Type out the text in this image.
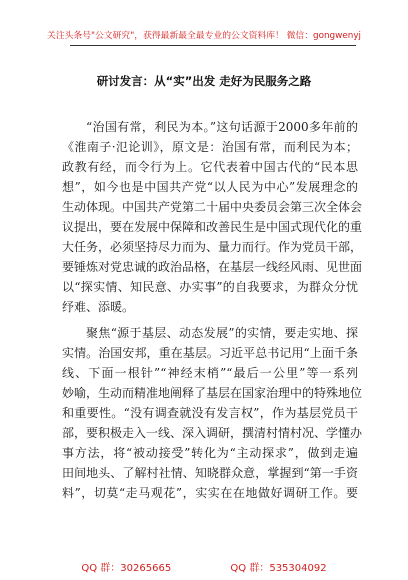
关注头条号"公文研究"，获得最新最全最专业的公文资料库！ 微信：gongwenyj
研讨发言：从“实”出发 走好为民服务之路
“治国有常，利民为本。”这句话源于2000多年前的
《淮南子·氾论训》，原文是：治国有常，而利民为本；
政教有经，而令行为上。它代表着中国古代的“民本思
想”，如今也是中国共产党“以人民为中心”发展理念的
生动体现。中国共产党第二十届中央委员会第三次全体会
议提出，要在发展中保障和改善民生是中国式现代化的重
大任务，必须坚持尽力而为、量力而行。作为党员干部，
要锤炼对党忠诚的政治品格，在基层一线经风雨、见世面
以“探实情、知民意、办实事”的自我要求，为群众分忧
纾难、添暖。
聚焦“源于基层、动态发展”的实情，要走实地、探
实情。治国安邦，重在基层。习近平总书记用“上面千条
线、下面一根针”“神经末梢”“最后一公里”等一系列
妙喻，生动而精准地阐释了基层在国家治理中的特殊地位
和重要性。“没有调查就没有发言权”，作为基层党员干
部，要积极走入一线、深入调研，撰清村情村况、学懂办
事方法，将“被动接受”转化为“主动探求”，做到走遍
田间地头、了解村社情、知晓群众意，掌握到“第一手资
料”，切莫“走马观花”，实实在在地做好调研工作。要
QQ 群：30265665	QQ 群：535304092
